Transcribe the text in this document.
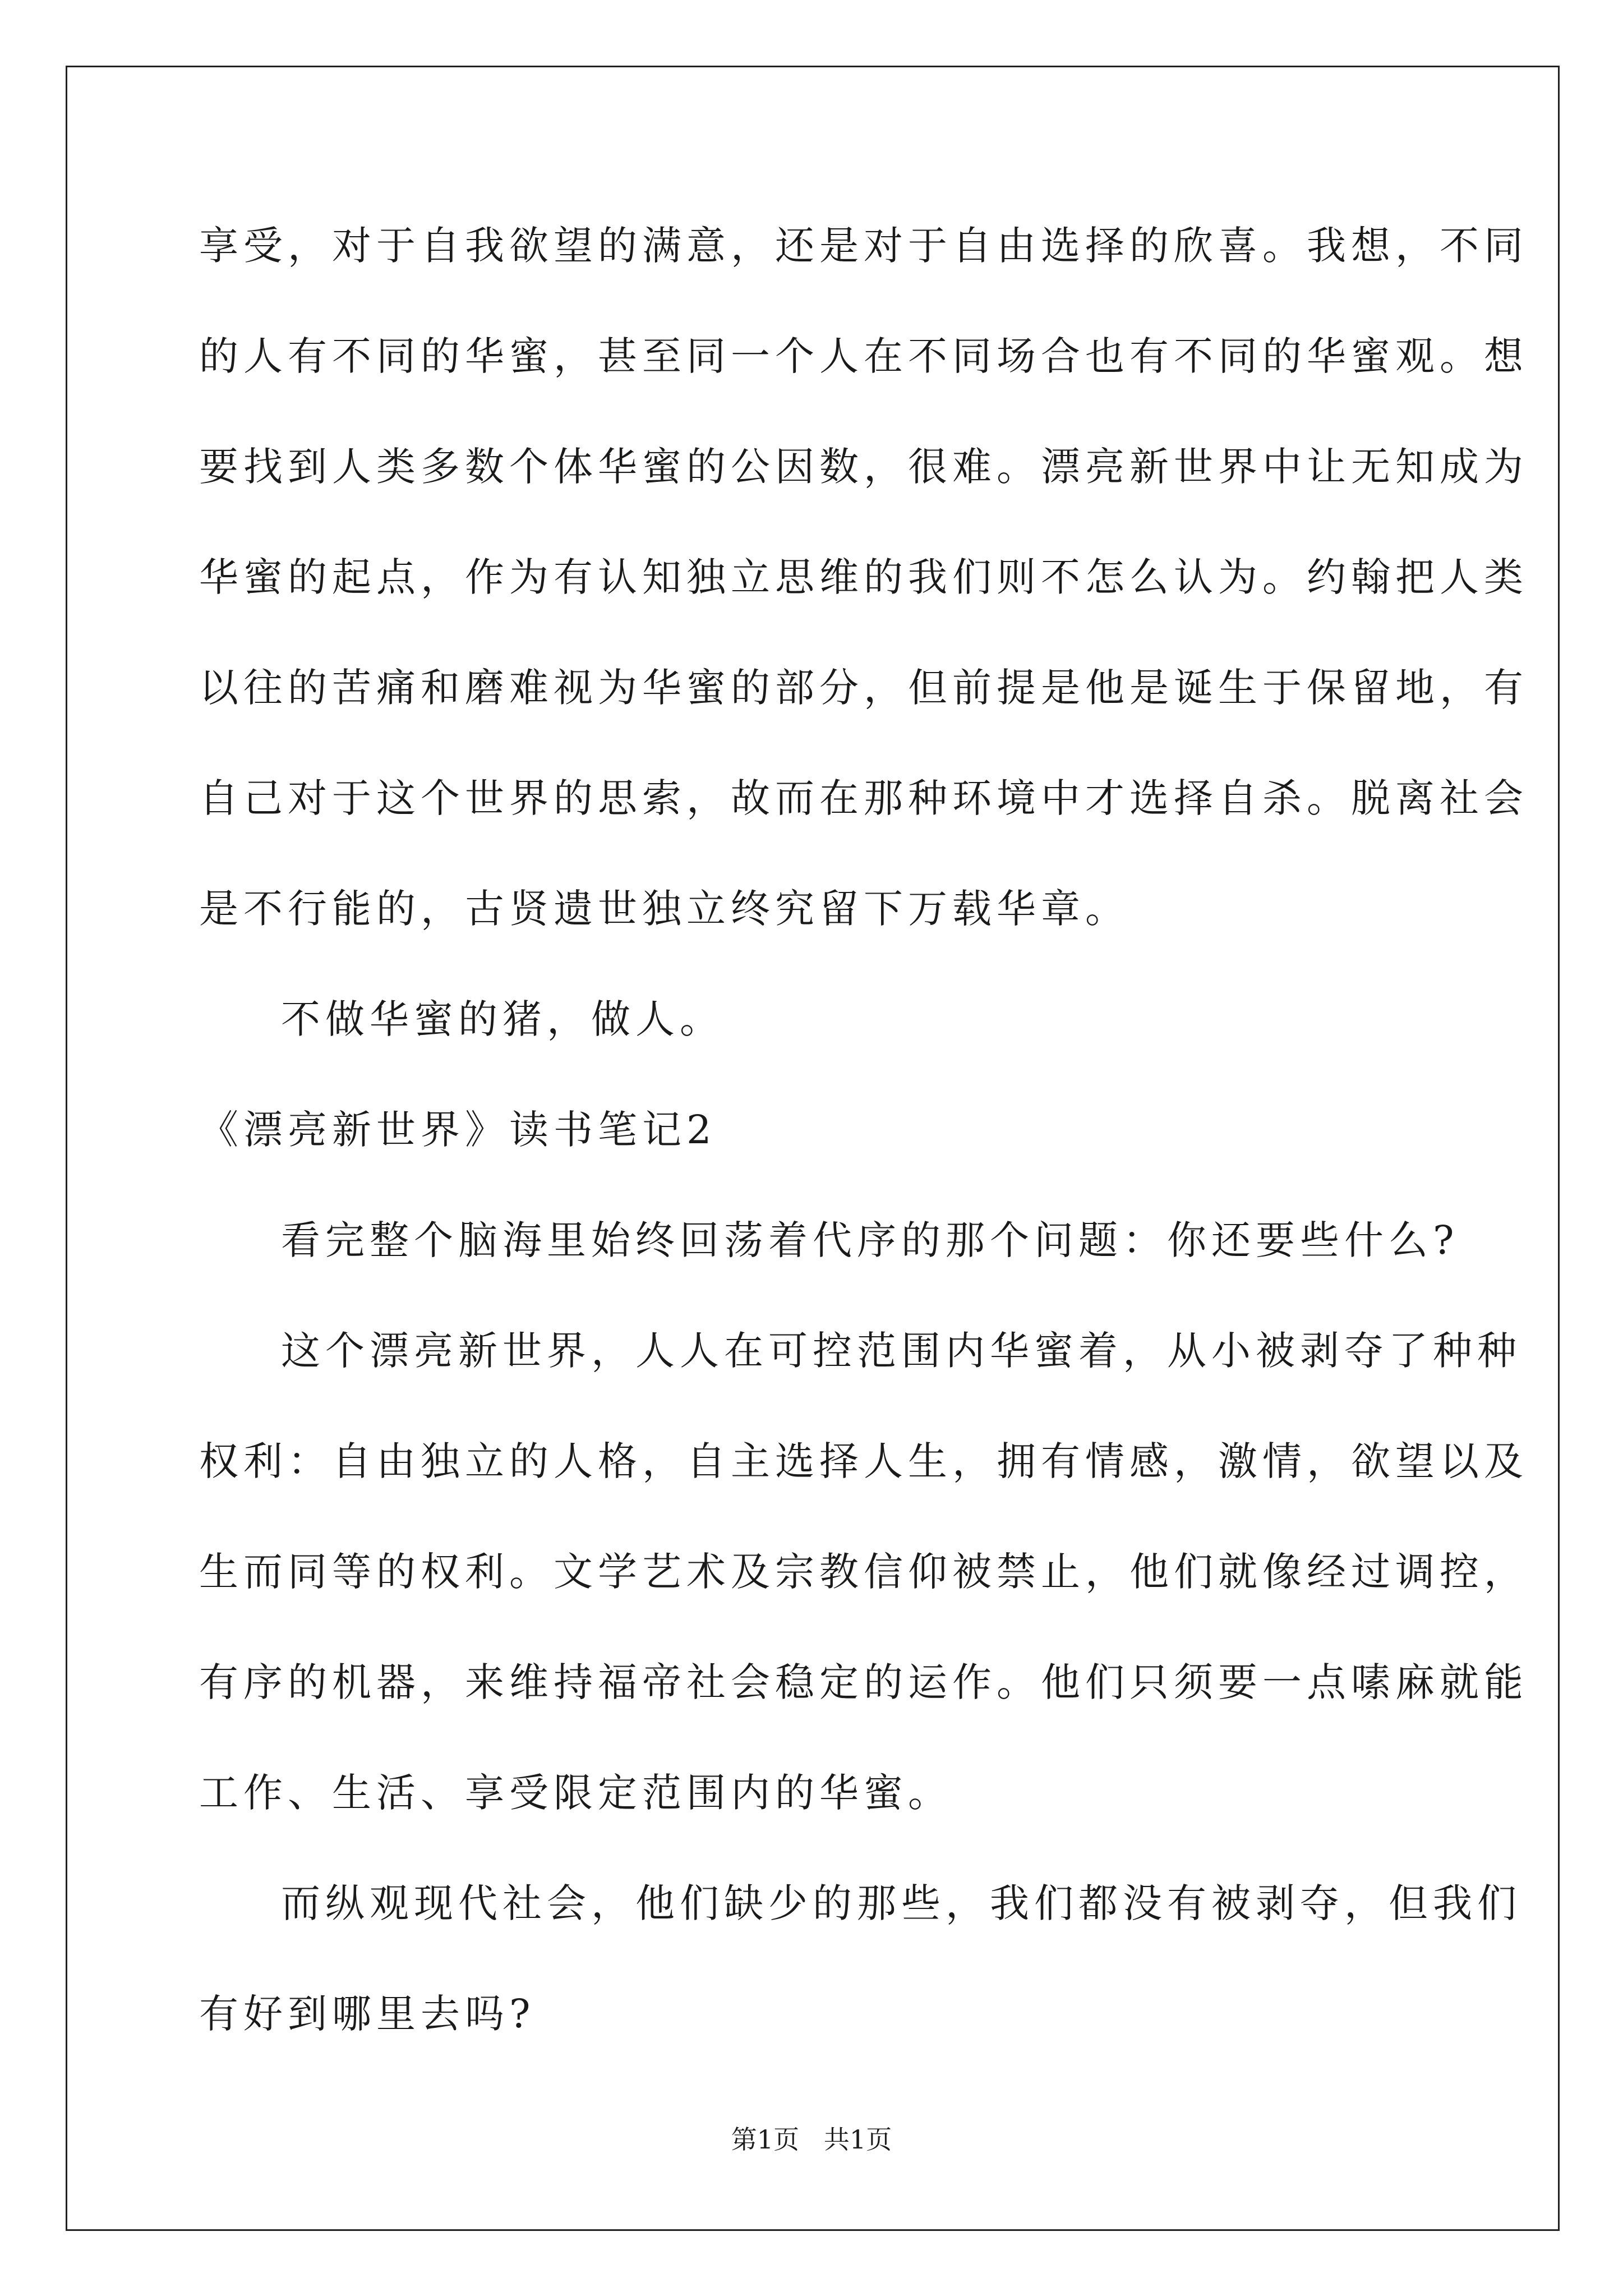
享受，对于自我欲望的满意，还是对于自由选择的欣喜。我想，不同
的人有不同的华蜜，甚至同一个人在不同场合也有不同的华蜜观。想
要找到人类多数个体华蜜的公因数，很难。漂亮新世界中让无知成为
华蜜的起点，作为有认知独立思维的我们则不怎么认为。约翰把人类
以往的苦痛和磨难视为华蜜的部分，但前提是他是诞生于保留地，有
自己对于这个世界的思索，故而在那种环境中才选择自杀。脱离社会
是不行能的，古贤遗世独立终究留下万载华章。
不做华蜜的猪，做人。
《漂亮新世界》读书笔记2
看完整个脑海里始终回荡着代序的那个问题：你还要些什么?
这个漂亮新世界，人人在可控范围内华蜜着，从小被剥夺了种种
权利：自由独立的人格，自主选择人生，拥有情感，激情，欲望以及
生而同等的权利。文学艺术及宗教信仰被禁止，他们就像经过调控，
有序的机器，来维持福帝社会稳定的运作。他们只须要一点嗉麻就能
工作、生活、享受限定范围内的华蜜。
而纵观现代社会，他们缺少的那些，我们都没有被剥夺，但我们
有好到哪里去吗?
第1页   共1页
